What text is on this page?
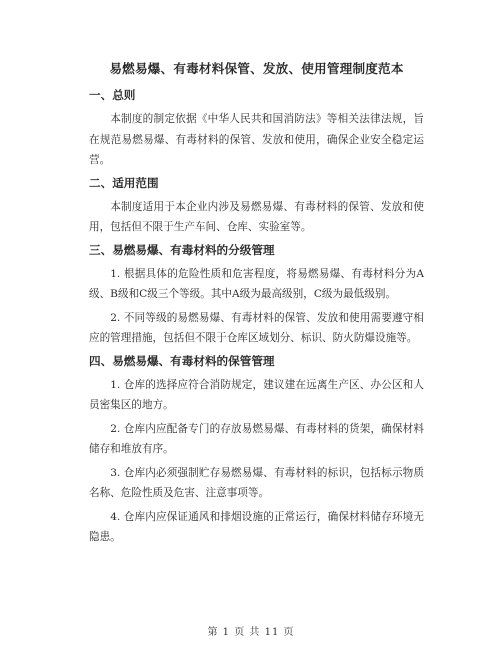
易燃易爆、有毒材料保管、发放、使用管理制度范本
一、总则

本制度的制定依据《中华人民共和国消防法》等相关法律法规，旨在规范易燃易爆、有毒材料的保管、发放和使用，确保企业安全稳定运营。

二、适用范围

本制度适用于本企业内涉及易燃易爆、有毒材料的保管、发放和使用，包括但不限于生产车间、仓库、实验室等。

三、易燃易爆、有毒材料的分级管理

1. 根据具体的危险性质和危害程度，将易燃易爆、有毒材料分为A级、B级和C级三个等级。其中A级为最高级别，C级为最低级别。

2. 不同等级的易燃易爆、有毒材料的保管、发放和使用需要遵守相应的管理措施，包括但不限于仓库区域划分、标识、防火防爆设施等。

四、易燃易爆、有毒材料的保管管理

1. 仓库的选择应符合消防规定，建议建在远离生产区、办公区和人员密集区的地方。

2. 仓库内应配备专门的存放易燃易爆、有毒材料的货架，确保材料储存和堆放有序。

3. 仓库内必须强制贮存易燃易爆、有毒材料的标识，包括标示物质名称、危险性质及危害、注意事项等。

4. 仓库内应保证通风和排烟设施的正常运行，确保材料储存环境无隐患。

第 1 页 共 11 页
